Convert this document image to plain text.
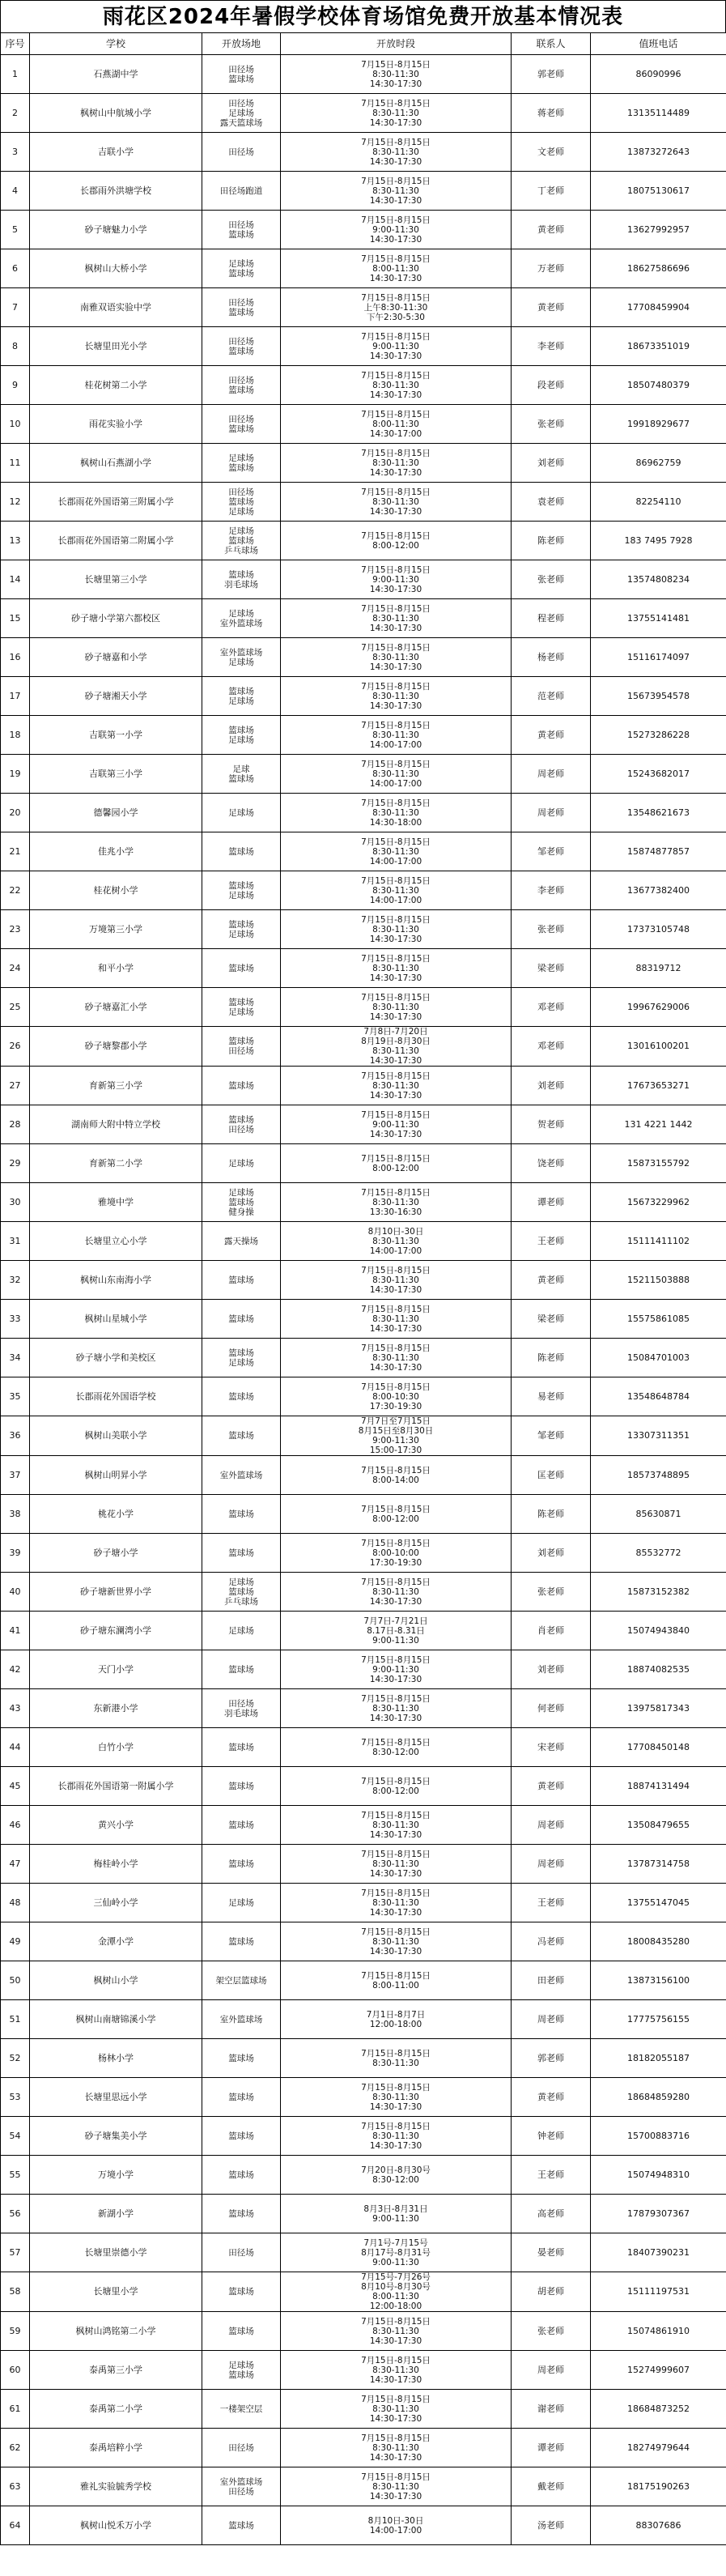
雨花区2024年暑假学校体育场馆免费开放基本情况表
序号	学校	开放场地	开放时段	联系人	值班电话
1	石燕湖中学	田径场
篮球场	7月15日-8月15日
8:30-11:30
14:30-17:30	郭老师	86090996
2	枫树山中航城小学	田径场
足球场
露天篮球场	7月15日-8月15日
8:30-11:30
14:30-17:30	蒋老师	13135114489
3	吉联小学	田径场	7月15日-8月15日
8:30-11:30
14:30-17:30	文老师	13873272643
4	长郡雨外洪塘学校	田径场跑道	7月15日-8月15日
8:30-11:30
14:30-17:30	丁老师	18075130617
5	砂子塘魅力小学	田径场
篮球场	7月15日-8月15日
9:00-11:30
14:30-17:30	黄老师	13627992957
6	枫树山大桥小学	足球场
篮球场	7月15日-8月15日
8:00-11:30
14:30-17:30	万老师	18627586696
7	南雅双语实验中学	田径场
篮球场	7月15日-8月15日
上午8:30-11:30
下午2:30-5:30	黄老师	17708459904
8	长塘里田光小学	田径场
篮球场	7月15日-8月15日
9:00-11:30
14:30-17:30	李老师	18673351019
9	桂花树第二小学	田径场
篮球场	7月15日-8月15日
8:30-11:30
14:30-17:30	段老师	18507480379
10	雨花实验小学	田径场
篮球场	7月15日-8月15日
8:00-11:30
14:30-17:00	张老师	19918929677
11	枫树山石燕湖小学	足球场
篮球场	7月15日-8月15日
8:30-11:30
14:30-17:30	刘老师	86962759
12	长郡雨花外国语第三附属小学	田径场
篮球场
足球场	7月15日-8月15日
8:30-11:30
14:30-17:30	袁老师	82254110
13	长郡雨花外国语第二附属小学	足球场
篮球场
乒乓球场	7月15日-8月15日
8:00-12:00	陈老师	183 7495 7928
14	长塘里第三小学	篮球场
羽毛球场	7月15日-8月15日
9:00-11:30
14:30-17:30	张老师	13574808234
15	砂子塘小学第六都校区	足球场
室外篮球场	7月15日-8月15日
8:30-11:30
14:30-17:30	程老师	13755141481
16	砂子塘嘉和小学	室外篮球场
足球场	7月15日-8月15日
8:30-11:30
14:30-17:30	杨老师	15116174097
17	砂子塘湘天小学	篮球场
足球场	7月15日-8月15日
8:30-11:30
14:30-17:30	范老师	15673954578
18	吉联第一小学	篮球场
足球场	7月15日-8月15日
8:30-11:30
14:00-17:00	黄老师	15273286228
19	吉联第三小学	足球
篮球场	7月15日-8月15日
8:30-11:30
14:00-17:00	周老师	15243682017
20	德馨园小学	足球场	7月15日-8月15日
8:30-11:30
14:30-18:00	周老师	13548621673
21	佳兆小学	篮球场	7月15日-8月15日
8:30-11:30
14:00-17:00	邹老师	15874877857
22	桂花树小学	篮球场
足球场	7月15日-8月15日
8:30-11:30
14:00-17:00	李老师	13677382400
23	万境第三小学	篮球场
足球场	7月15日-8月15日
8:30-11:30
14:30-17:30	张老师	17373105748
24	和平小学	篮球场	7月15日-8月15日
8:30-11:30
14:30-17:30	梁老师	88319712
25	砂子塘嘉汇小学	篮球场
足球场	7月15日-8月15日
8:30-11:30
14:30-17:30	邓老师	19967629006
26	砂子塘黎郡小学	篮球场
田径场	7月8日-7月20日
8月19日-8月30日
8:30-11:30
14:30-17:30	邓老师	13016100201
27	育新第三小学	篮球场	7月15日-8月15日
8:30-11:30
14:30-17:30	刘老师	17673653271
28	湖南师大附中特立学校	篮球场
田径场	7月15日-8月15日
9:00-11:30
14:30-17:30	贺老师	131 4221 1442
29	育新第二小学	足球场	7月15日-8月15日
8:00-12:00	饶老师	15873155792
30	雅境中学	足球场
篮球场
健身操	7月15日-8月15日
8:30-11:30
13:30-16:30	谭老师	15673229962
31	长塘里立心小学	露天操场	8月10日-30日
8:30-11:30
14:00-17:00	王老师	15111411102
32	枫树山东南海小学	篮球场	7月15日-8月15日
8:30-11:30
14:30-17:30	黄老师	15211503888
33	枫树山星城小学	篮球场	7月15日-8月15日
8:30-11:30
14:30-17:30	梁老师	15575861085
34	砂子塘小学和美校区	篮球场
足球场	7月15日-8月15日
8:30-11:30
14:30-17:30	陈老师	15084701003
35	长郡雨花外国语学校	篮球场	7月15日-8月15日
8:00-10:30
17:30-19:30	易老师	13548648784
36	枫树山美联小学	篮球场	7月7日至7月15日
8月15日至8月30日
9:00-11:30
15:00-17:30	邹老师	13307311351
37	枫树山明昇小学	室外篮球场	7月15日-8月15日
8:00-14:00	匡老师	18573748895
38	桃花小学	篮球场	7月15日-8月15日
8:00-12:00	陈老师	85630871
39	砂子塘小学	篮球场	7月15日-8月15日
8:00-10:00
17:30-19:30	刘老师	85532772
40	砂子塘新世界小学	足球场
篮球场
乒乓球场	7月15日-8月15日
8:30-11:30
14:30-17:30	张老师	15873152382
41	砂子塘东澜湾小学	足球场	7月7日-7月21日
8.17日-8.31日
9:00-11:30	肖老师	15074943840
42	天门小学	篮球场	7月15日-8月15日
9:00-11:30
14:30-17:30	刘老师	18874082535
43	东新港小学	田径场
羽毛球场	7月15日-8月15日
8:30-11:30
14:30-17:30	何老师	13975817343
44	白竹小学	篮球场	7月15日-8月15日
8:30-12:00	宋老师	17708450148
45	长郡雨花外国语第一附属小学	篮球场	7月15日-8月15日
8:00-12:00	黄老师	18874131494
46	黄兴小学	篮球场	7月15日-8月15日
8:30-11:30
14:30-17:30	周老师	13508479655
47	梅桂岭小学	篮球场	7月15日-8月15日
8:30-11:30
14:30-17:30	周老师	13787314758
48	三仙岭小学	足球场	7月15日-8月15日
8:30-11:30
14:30-17:30	王老师	13755147045
49	金潭小学	篮球场	7月15日-8月15日
8:30-11:30
14:30-17:30	冯老师	18008435280
50	枫树山小学	架空层篮球场	7月15日-8月15日
8:00-11:00	田老师	13873156100
51	枫树山南塘锦溪小学	室外篮球场	7月1日-8月7日
12:00-18:00	周老师	17775756155
52	杨林小学	篮球场	7月15日-8月15日
8:30-11:30	郭老师	18182055187
53	长塘里思远小学	篮球场	7月15日-8月15日
8:30-11:30
14:30-17:30	黄老师	18684859280
54	砂子塘集美小学	篮球场	7月15日-8月15日
8:30-11:30
14:30-17:30	钟老师	15700883716
55	万境小学	篮球场	7月20日-8月30号
8:30-12:00	王老师	15074948310
56	新湖小学	篮球场	8月3日-8月31日
9:00-11:30	高老师	17879307367
57	长塘里崇德小学	田径场	7月1号-7月15号
8月17号-8月31号
9:00-11:30	晏老师	18407390231
58	长塘里小学	篮球场	7月15号-7月26号
8月10号-8月30号
8:00-11:30
12:00-18:00	胡老师	15111197531
59	枫树山鸿铭第二小学	篮球场	7月15日-8月15日
8:30-11:30
14:30-17:30	张老师	15074861910
60	泰禹第三小学	足球场
篮球场	7月15日-8月15日
8:30-11:30
14:30-17:30	周老师	15274999607
61	泰禹第二小学	一楼架空层	7月15日-8月15日
8:30-11:30
14:30-17:30	谢老师	18684873252
62	泰禹培粹小学	田径场	7月15日-8月15日
8:30-11:30
14:30-17:30	谭老师	18274979644
63	雅礼实验毓秀学校	室外篮球场
田径场	7月15日-8月15日
8:30-11:30
14:30-17:30	戴老师	18175190263
64	枫树山悦禾万小学	篮球场	8月10日-30日
14:00-17:00	汤老师	88307686
